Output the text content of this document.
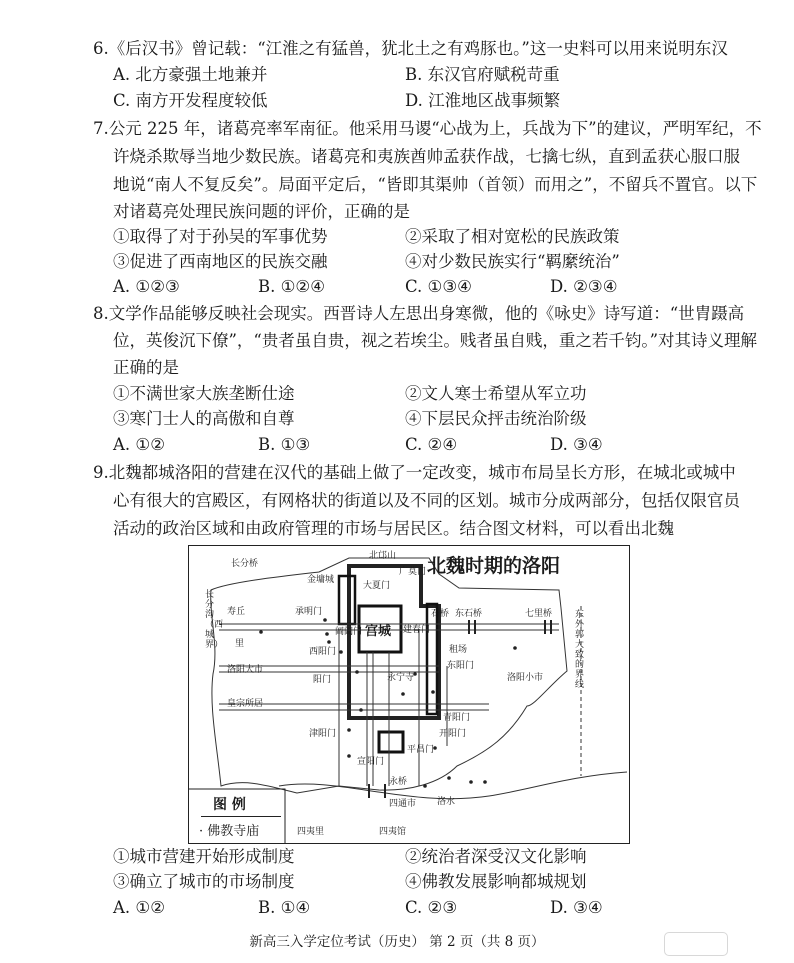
6.《后汉书》曾记载：“江淮之有猛兽，犹北土之有鸡豚也。”这一史料可以用来说明东汉
A. 北方豪强土地兼并	B. 东汉官府赋税苛重
C. 南方开发程度较低	D. 江淮地区战事频繁
7.公元 225 年，诸葛亮率军南征。他采用马谡“心战为上，兵战为下”的建议，严明军纪，不
许烧杀欺辱当地少数民族。诸葛亮和夷族酋帅孟获作战，七擒七纵，直到孟获心服口服
地说“南人不复反矣”。局面平定后，“皆即其渠帅（首领）而用之”，不留兵不置官。以下
对诸葛亮处理民族问题的评价，正确的是
①取得了对于孙吴的军事优势	②采取了相对宽松的民族政策
③促进了西南地区的民族交融	④对少数民族实行“羁縻统治”
A. ①②③	B. ①②④	C. ①③④	D. ②③④
8.文学作品能够反映社会现实。西晋诗人左思出身寒微，他的《咏史》诗写道：“世胄蹑高
位，英俊沉下僚”，“贵者虽自贵，视之若埃尘。贱者虽自贱，重之若千钧。”对其诗义理解
正确的是
①不满世家大族垄断仕途	②文人寒士希望从军立功
③寒门士人的高傲和自尊	④下层民众抨击统治阶级
A. ①②	B. ①③	C. ②④	D. ③④
9.北魏都城洛阳的营建在汉代的基础上做了一定改变，城市布局呈长方形，在城北或城中
心有很大的宫殿区，有网格状的街道以及不同的区划。城市分成两部分，包括仅限官员
活动的政治区域和由政府管理的市场与居民区。结合图文材料，可以看出北魏
北魏时期的洛阳
北邙山
长分桥
金墉城
广莫门
大夏门
寿丘	承明门
宫城 建春门
石桥 东石桥	七里桥
长分沟（西城界）
东外郭大致的界线
里
阊阖门
西阳门	租场
东阳门
洛阳大市
阳门	永宁寺	洛阳小市
皇宗所居
青阳门
津阳门	开阳门
宣阳门
平昌门
永桥
洛水
四通市
四夷里	四夷馆
图 例
· 佛教寺庙
①城市营建开始形成制度	②统治者深受汉文化影响
③确立了城市的市场制度	④佛教发展影响都城规划
A. ①②	B. ①④	C. ②③	D. ③④
新高三入学定位考试（历史） 第 2 页（共 8 页）
